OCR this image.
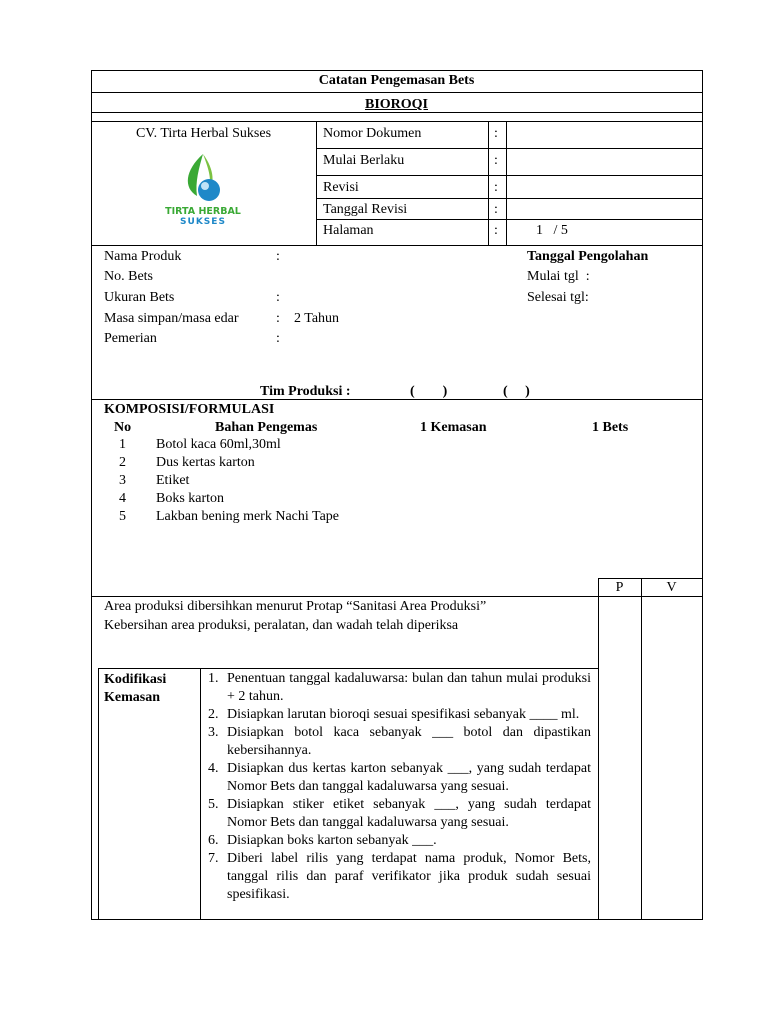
Catatan Pengemasan Bets
BIOROQI
CV. Tirta Herbal Sukses
TIRTA HERBAL
SUKSES
Nomor Dokumen	:
Mulai Berlaku	:
Revisi	:
Tanggal Revisi	:
Halaman	:	1   / 5
Nama Produk	:
No. Bets
Ukuran Bets	:
Masa simpan/masa edar	: 2 Tahun
Pemerian	:
Tanggal Pengolahan
Mulai tgl  :
Selesai tgl:
Tim Produksi :	(        )	(     )
KOMPOSISI/FORMULASI
No	Bahan Pengemas	1 Kemasan	1 Bets
1 Botol kaca 60ml,30ml
2 Dus kertas karton
3 Etiket
4 Boks karton
5 Lakban bening merk Nachi Tape
P	V
Area produksi dibersihkan menurut Protap “Sanitasi Area Produksi”
Kebersihan area produksi, peralatan, dan wadah telah diperiksa
Kodifikasi
Kemasan
1. Penentuan tanggal kadaluwarsa: bulan dan tahun mulai produksi + 2 tahun.
2. Disiapkan larutan bioroqi sesuai spesifikasi sebanyak ____ ml.
3. Disiapkan botol kaca sebanyak ___ botol dan dipastikan kebersihannya.
4. Disiapkan dus kertas karton sebanyak ___, yang sudah terdapat Nomor Bets dan tanggal kadaluwarsa yang sesuai.
5. Disiapkan stiker etiket sebanyak ___, yang sudah terdapat Nomor Bets dan tanggal kadaluwarsa yang sesuai.
6. Disiapkan boks karton sebanyak ___.
7. Diberi label rilis yang terdapat nama produk, Nomor Bets, tanggal rilis dan paraf verifikator jika produk sudah sesuai spesifikasi.
